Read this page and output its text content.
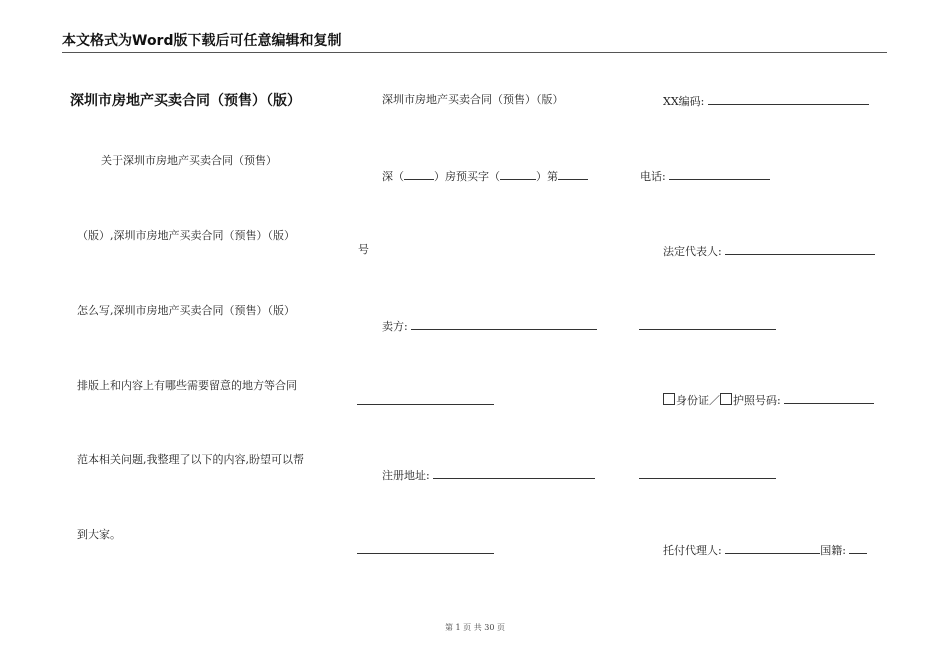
本文格式为Word版下载后可任意编辑和复制
深圳市房地产买卖合同（预售）（版）
关于深圳市房地产买卖合同（预售）
（版）,深圳市房地产买卖合同（预售）（版）
怎么写,深圳市房地产买卖合同（预售）（版）
排版上和内容上有哪些需要留意的地方等合同
范本相关问题,我整理了以下的内容,盼望可以帮
到大家。
深圳市房地产买卖合同（预售）（版）
深（	）房预买字（	）第
号
卖方:
注册地址:
XX编码:
电话:
法定代表人:
身份证／ 护照号码:
托付代理人:	国籍:
第 1 页 共 30 页
